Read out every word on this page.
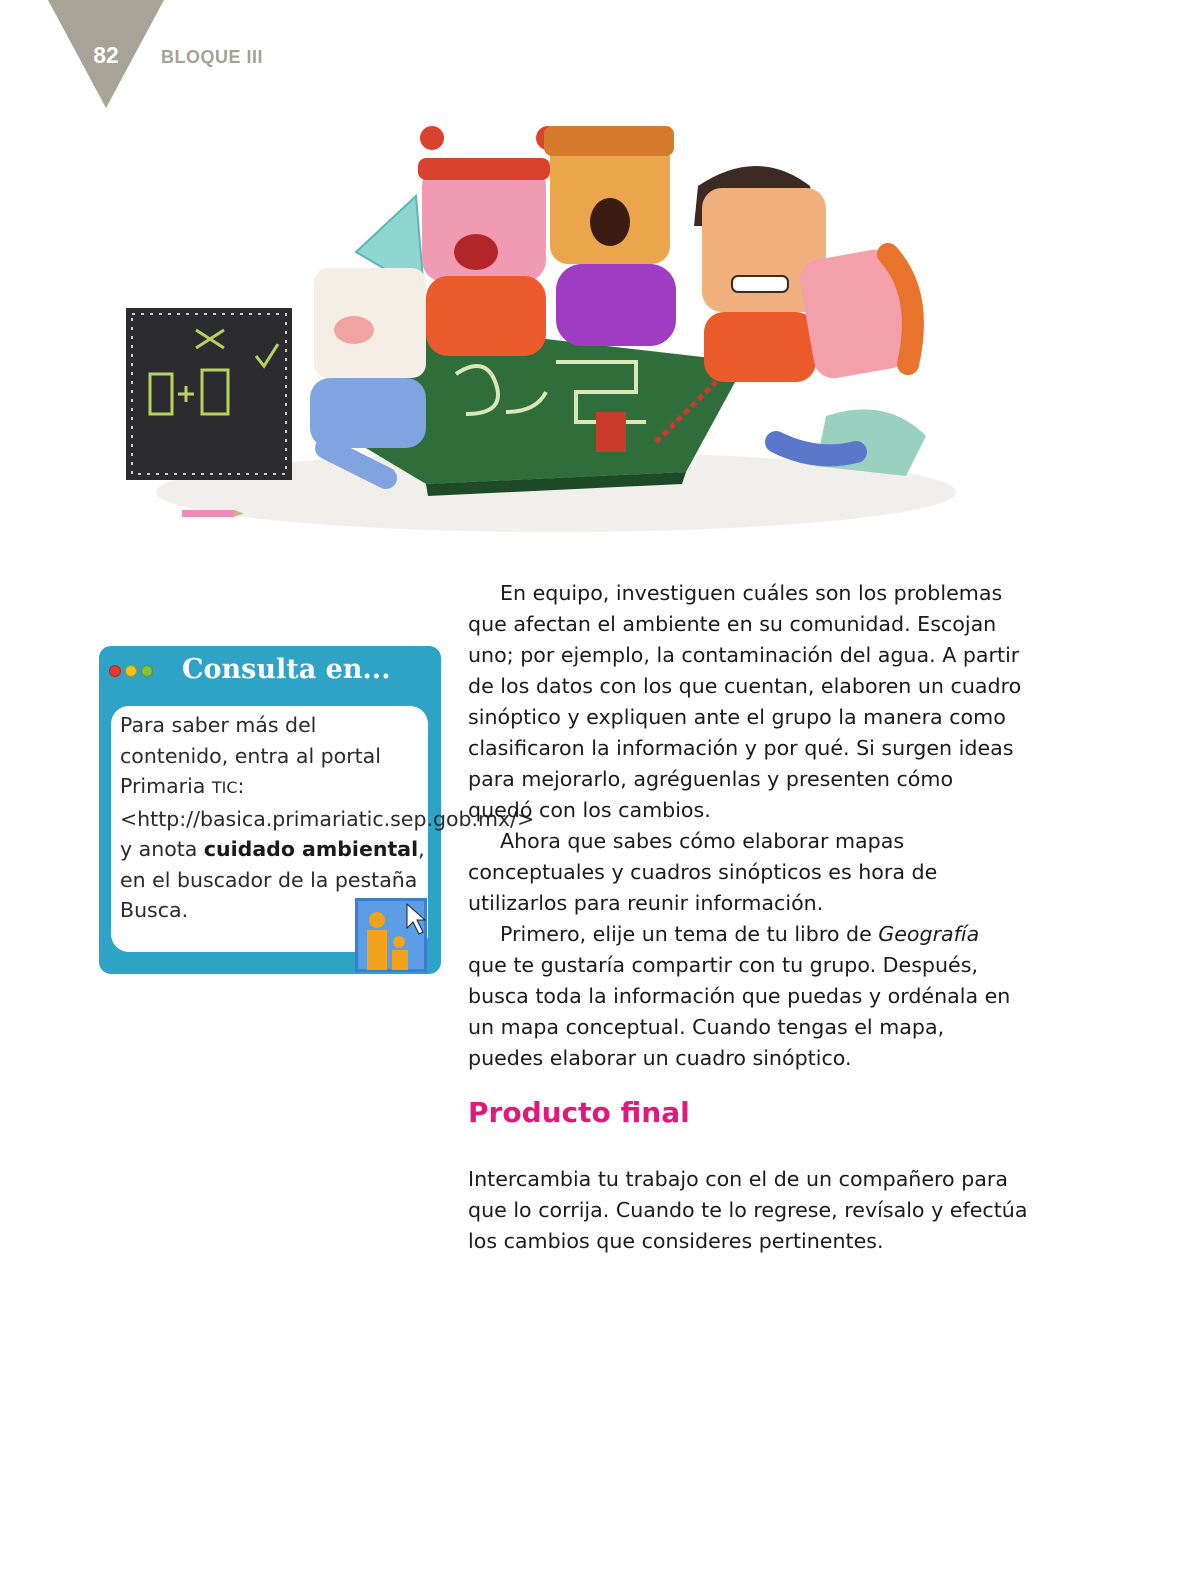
82	BLOQUE III
Consulta en...
Para saber más del contenido, entra al portal Primaria TIC: <http://basica.primariatic.sep.gob.mx/> y anota cuidado ambiental, en el buscador de la pestaña Busca.

En equipo, investiguen cuáles son los problemas que afectan el ambiente en su comunidad. Escojan uno; por ejemplo, la contaminación del agua. A partir de los datos con los que cuentan, elaboren un cuadro sinóptico y expliquen ante el grupo la manera como clasificaron la información y por qué. Si surgen ideas para mejorarlo, agréguenlas y presenten cómo quedó con los cambios.

Ahora que sabes cómo elaborar mapas conceptuales y cuadros sinópticos es hora de utilizarlos para reunir información.

Primero, elije un tema de tu libro de Geografía que te gustaría compartir con tu grupo. Después, busca toda la información que puedas y ordénala en un mapa conceptual. Cuando tengas el mapa, puedes elaborar un cuadro sinóptico.

Producto final

Intercambia tu trabajo con el de un compañero para que lo corrija. Cuando te lo regrese, revísalo y efectúa los cambios que consideres pertinentes.
